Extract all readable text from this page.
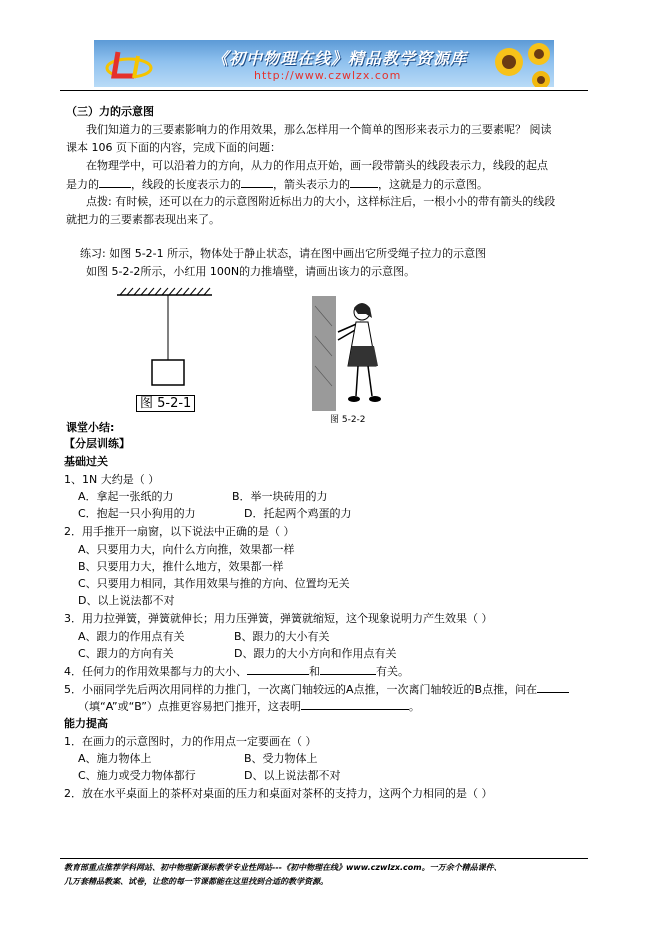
《初中物理在线》精品教学资源库
http://www.czwlzx.com
（三）力的示意图
我们知道力的三要素影响力的作用效果，那么怎样用一个简单的图形来表示力的三要素呢？ 阅读
课本 106 页下面的内容，完成下面的问题：
在物理学中，可以沿着力的方向，从力的作用点开始，画一段带箭头的线段表示力，线段的起点
是力的	，线段的长度表示力的	，箭头表示力的	，这就是力的示意图。
点拨: 有时候，还可以在力的示意图附近标出力的大小，这样标注后，一根小小的带有箭头的线段
就把力的三要素都表现出来了。
练习: 如图 5-2-1 所示，物体处于静止状态，请在图中画出它所受绳子拉力的示意图
如图 5-2-2所示，小红用 100N的力推墙壁，请画出该力的示意图。
图 5-2-1
图 5-2-2
课堂小结:
【分层训练】
基础过关
1、1N 大约是（ ）
A．拿起一张纸的力	B．举一块砖用的力
C．抱起一只小狗用的力	D．托起两个鸡蛋的力
2．用手推开一扇窗，以下说法中正确的是（ ）
A、只要用力大，向什么方向推，效果都一样
B、只要用力大，推什么地方，效果都一样
C、只要用力相同，其作用效果与推的方向、位置均无关
D、以上说法都不对
3．用力拉弹簧，弹簧就伸长；用力压弹簧，弹簧就缩短，这个现象说明力产生效果（ ）
A、跟力的作用点有关	B、跟力的大小有关
C、跟力的方向有关	D、跟力的大小方向和作用点有关
4．任何力的作用效果都与力的大小、	和	有关。
5．小丽同学先后两次用同样的力推门，一次离门轴较远的A点推，一次离门轴较近的B点推，问在
（填“A”或“B”）点推更容易把门推开，这表明	。
能力提高
1．在画力的示意图时，力的作用点一定要画在（ ）
A、施力物体上	B、受力物体上
C、施力或受力物体都行	D、以上说法都不对
2．放在水平桌面上的茶杯对桌面的压力和桌面对茶杯的支持力，这两个力相同的是（ ）
教育部重点推荐学科网站、初中物理新课标教学专业性网站---《初中物理在线》www.czwlzx.com。一万余个精品课件、
几万套精品教案、试卷，让您的每一节课都能在这里找到合适的教学资源。
